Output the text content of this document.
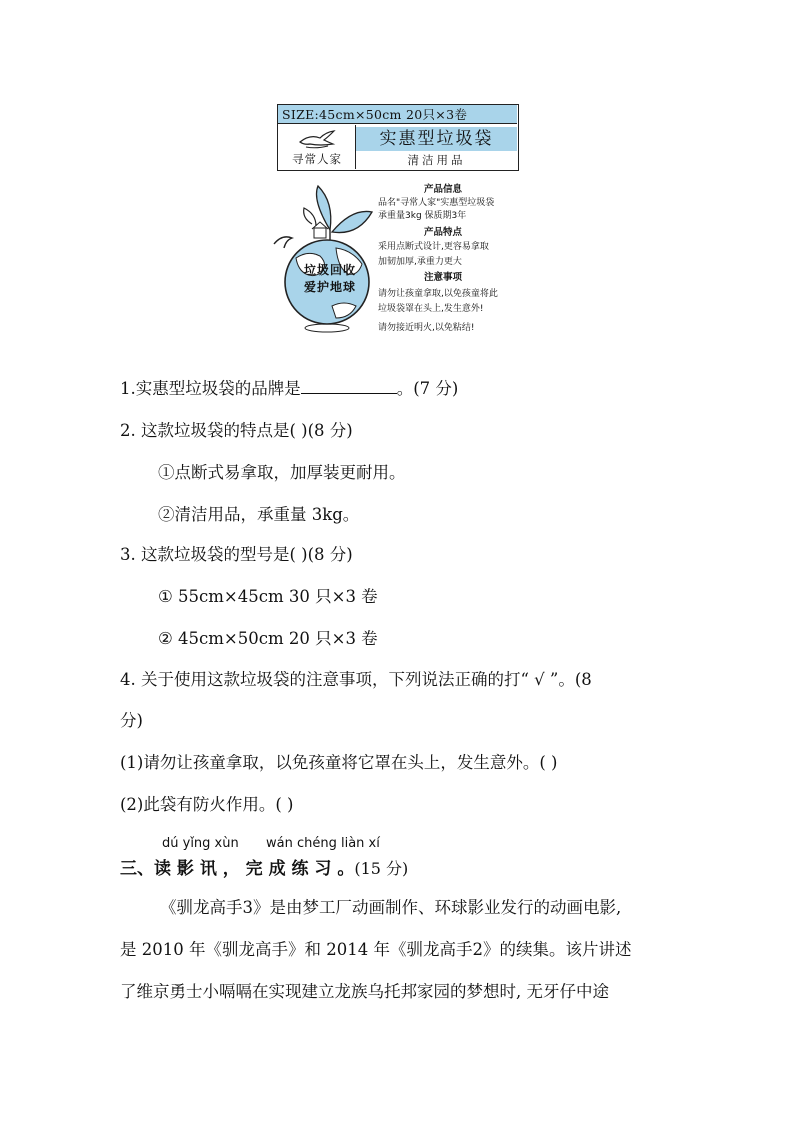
SIZE:45cm×50cm 20只×3卷
寻常人家
实惠型垃圾袋
清洁用品
垃圾回收
爱护地球
产品信息
品名"寻常人家"实惠型垃圾袋
承重量3kg 保质期3年
产品特点
采用点断式设计,更容易拿取
加韧加厚,承重力更大
注意事项
请勿让孩童拿取,以免孩童将此
垃圾袋罩在头上,发生意外!
请勿接近明火,以免粘结!
1.实惠型垃圾袋的品牌是	。(7 分)
2. 这款垃圾袋的特点是( )(8 分)
①点断式易拿取，加厚装更耐用。
②清洁用品，承重量 3kg。
3. 这款垃圾袋的型号是( )(8 分)
① 55cm×45cm 30 只×3 卷
② 45cm×50cm 20 只×3 卷
4. 关于使用这款垃圾袋的注意事项，下列说法正确的打“ √ ”。(8
分)
(1)请勿让孩童拿取，以免孩童将它罩在头上，发生意外。( )
(2)此袋有防火作用。( )
dú yǐng xùn wán chéng liàn xí
三、读 影 讯 ， 完 成 练 习 。(15 分)
《驯龙高手3》是由梦工厂动画制作、环球影业发行的动画电影,
是 2010 年《驯龙高手》和 2014 年《驯龙高手2》的续集。该片讲述
了维京勇士小嗝嗝在实现建立龙族乌托邦家园的梦想时, 无牙仔中途
